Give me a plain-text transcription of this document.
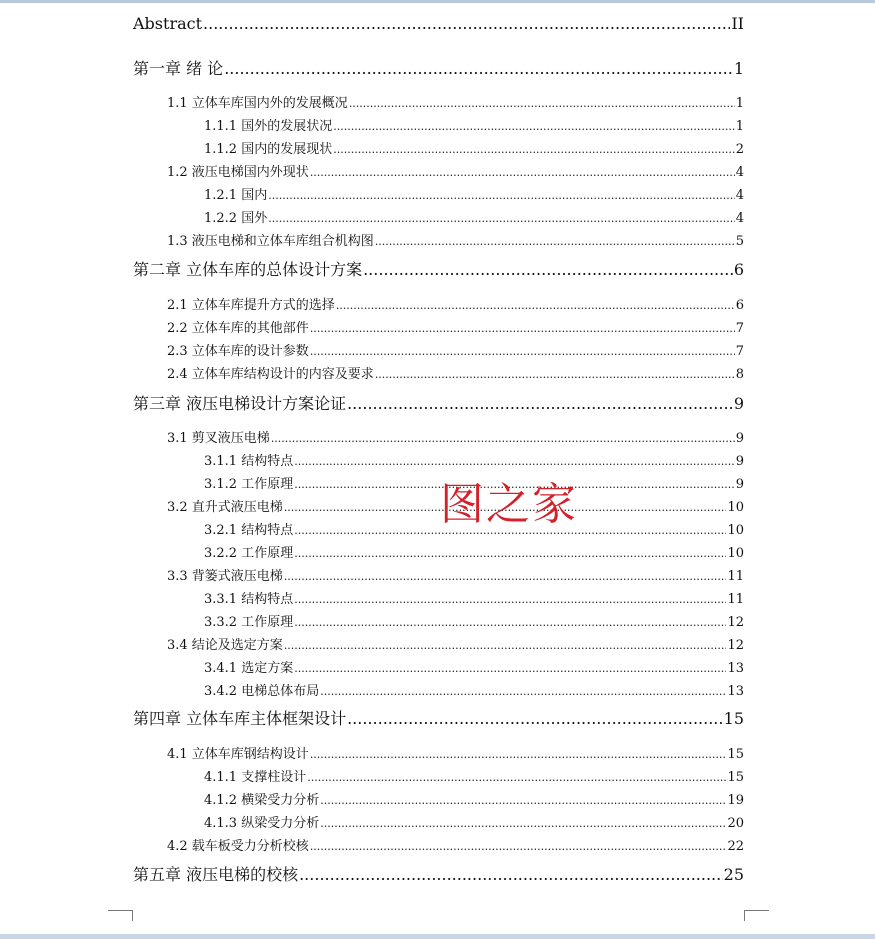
Abstract .....	II
第一章 绪 论 .....	1
1.1 立体车库国内外的发展概况 .....	1
1.1.1 国外的发展状况 .....	1
1.1.2 国内的发展现状 .....	2
1.2 液压电梯国内外现状 .....	4
1.2.1 国内 .....	4
1.2.2 国外 .....	4
1.3 液压电梯和立体车库组合机构图 .....	5
第二章 立体车库的总体设计方案 .....	6
2.1 立体车库提升方式的选择 .....	6
2.2 立体车库的其他部件 .....	7
2.3 立体车库的设计参数 .....	7
2.4 立体车库结构设计的内容及要求 .....	8
第三章 液压电梯设计方案论证 .....	9
3.1 剪叉液压电梯 .....	9
3.1.1 结构特点 .....	9
3.1.2 工作原理 .....	9
3.2 直升式液压电梯 .....	10
3.2.1 结构特点 .....	10
3.2.2 工作原理 .....	10
3.3 背篓式液压电梯 .....	11
3.3.1 结构特点 .....	11
3.3.2 工作原理 .....	12
3.4 结论及选定方案 .....	12
3.4.1 选定方案 .....	13
3.4.2 电梯总体布局 .....	13
第四章 立体车库主体框架设计 .....	15
4.1 立体车库钢结构设计 .....	15
4.1.1 支撑柱设计 .....	15
4.1.2 横梁受力分析 .....	19
4.1.3 纵梁受力分析 .....	20
4.2 载车板受力分析校核 .....	22
第五章 液压电梯的校核 .....	25
图之家
